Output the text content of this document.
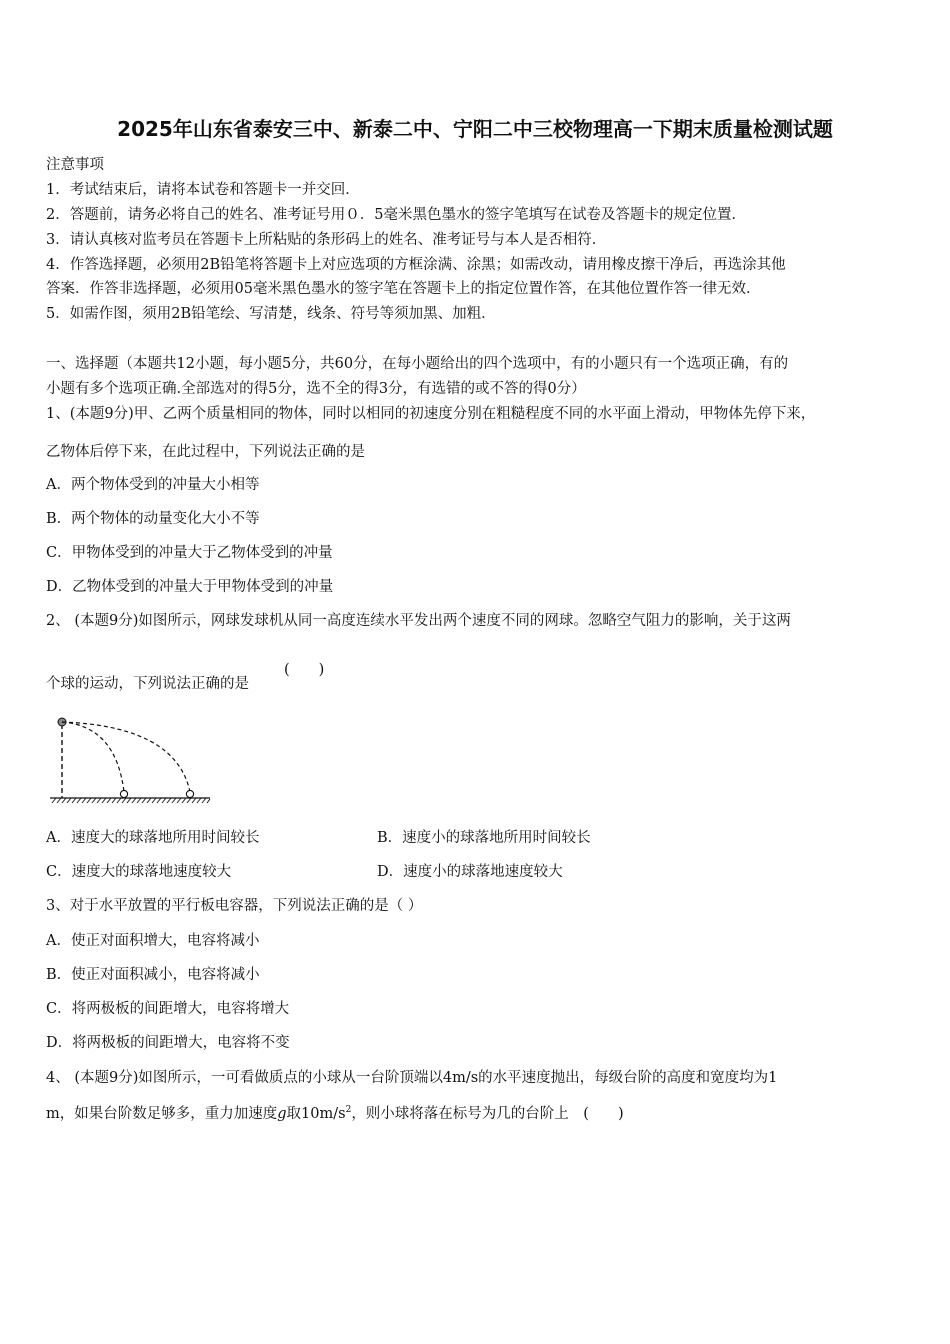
2025年山东省泰安三中、新泰二中、宁阳二中三校物理高一下期末质量检测试题
注意事项
1．考试结束后，请将本试卷和答题卡一并交回．
2．答题前，请务必将自己的姓名、准考证号用０．5毫米黑色墨水的签字笔填写在试卷及答题卡的规定位置．
3．请认真核对监考员在答题卡上所粘贴的条形码上的姓名、准考证号与本人是否相符．
4．作答选择题，必须用2B铅笔将答题卡上对应选项的方框涂满、涂黑；如需改动，请用橡皮擦干净后，再选涂其他
答案．作答非选择题，必须用05毫米黑色墨水的签字笔在答题卡上的指定位置作答，在其他位置作答一律无效．
5．如需作图，须用2B铅笔绘、写清楚，线条、符号等须加黑、加粗．
一、选择题（本题共12小题，每小题5分，共60分，在每小题给出的四个选项中，有的小题只有一个选项正确，有的
小题有多个选项正确.全部选对的得5分，选不全的得3分，有选错的或不答的得0分）
1、(本题9分)甲、乙两个质量相同的物体，同时以相同的初速度分别在粗糙程度不同的水平面上滑动，甲物体先停下来，
乙物体后停下来，在此过程中，下列说法正确的是
A．两个物体受到的冲量大小相等
B．两个物体的动量变化大小不等
C．甲物体受到的冲量大于乙物体受到的冲量
D．乙物体受到的冲量大于甲物体受到的冲量
2、 (本题9分)如图所示，网球发球机从同一高度连续水平发出两个速度不同的网球。忽略空气阻力的影响，关于这两
个球的运动，下列说法正确的是
(　　)
A．速度大的球落地所用时间较长	B．速度小的球落地所用时间较长
C．速度大的球落地速度较大	D．速度小的球落地速度较大
3、对于水平放置的平行板电容器，下列说法正确的是（ ）
A．使正对面积增大，电容将减小
B．使正对面积减小，电容将减小
C．将两极板的间距增大，电容将增大
D．将两极板的间距增大，电容将不变
4、 (本题9分)如图所示，一可看做质点的小球从一台阶顶端以4m/s的水平速度抛出，每级台阶的高度和宽度均为1
m，如果台阶数足够多，重力加速度g取$10m/s^2$，则小球将落在标号为几的台阶上　(　　)
